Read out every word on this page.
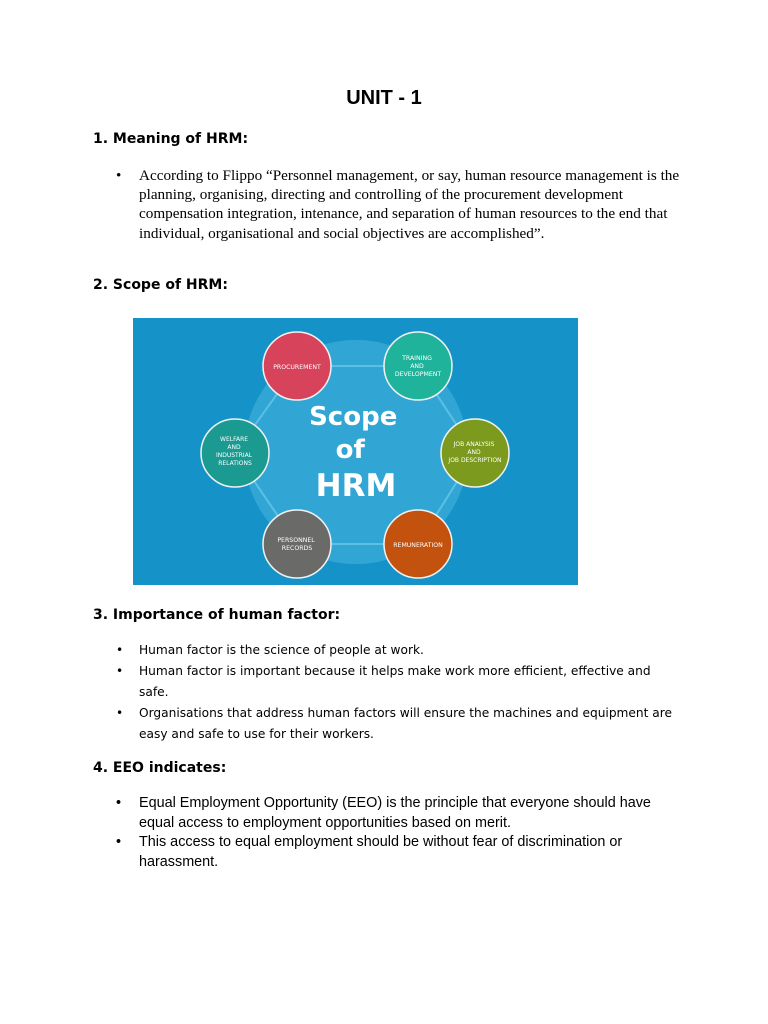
UNIT - 1
1. Meaning of HRM:
• According to Flippo “Personnel management, or say, human resource management is the planning, organising, directing and controlling of the procurement development compensation integration, intenance, and separation of human resources to the end that individual, organisational and social objectives are accomplished”.
2. Scope of HRM:
Scope of HRM
PROCUREMENT
TRAINING AND DEVELOPMENT
JOB ANALYSIS AND JOB DESCRIPTION
REMUNERATION
PERSONNEL RECORDS
WELFARE AND INDUSTRIAL RELATIONS
3. Importance of human factor:
• Human factor is the science of people at work.
• Human factor is important because it helps make work more efficient, effective and safe.
• Organisations that address human factors will ensure the machines and equipment are easy and safe to use for their workers.
4. EEO indicates:
• Equal Employment Opportunity (EEO) is the principle that everyone should have equal access to employment opportunities based on merit.
• This access to equal employment should be without fear of discrimination or harassment.
